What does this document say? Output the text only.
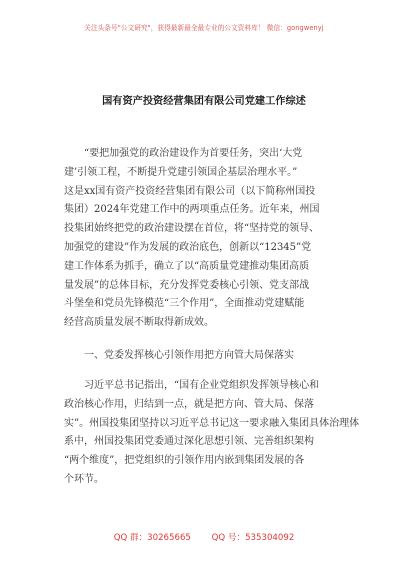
关注头条号"公文研究"，获得最新最全最专业的公文资料库！ 微信：gongwenyj
国有资产投资经营集团有限公司党建工作综述
“要把加强党的政治建设作为首要任务，突出‘大党
建’引领工程，不断提升党建引领国企基层治理水平。”
这是xx国有资产投资经营集团有限公司（以下简称州国投
集团）2024年党建工作中的两项重点任务。近年来，州国
投集团始终把党的政治建设摆在首位，将“坚持党的领导、
加强党的建设”作为发展的政治底色，创新以“12345”党
建工作体系为抓手，确立了以“高质量党建推动集团高质
量发展”的总体目标，充分发挥党委核心引领、党支部战
斗堡垒和党员先锋模范“三个作用”，全面推动党建赋能
经营高质量发展不断取得新成效。
一、党委发挥核心引领作用把方向管大局保落实
习近平总书记指出，“国有企业党组织发挥领导核心和
政治核心作用，归结到一点，就是把方向、管大局、保落
实”。州国投集团坚持以习近平总书记这一要求融入集团具体治理体
系中，州国投集团党委通过深化思想引领、完善组织架构
“两个维度”，把党组织的引领作用内嵌到集团发展的各
个环节。
QQ 群：30265665 QQ 号：535304092
